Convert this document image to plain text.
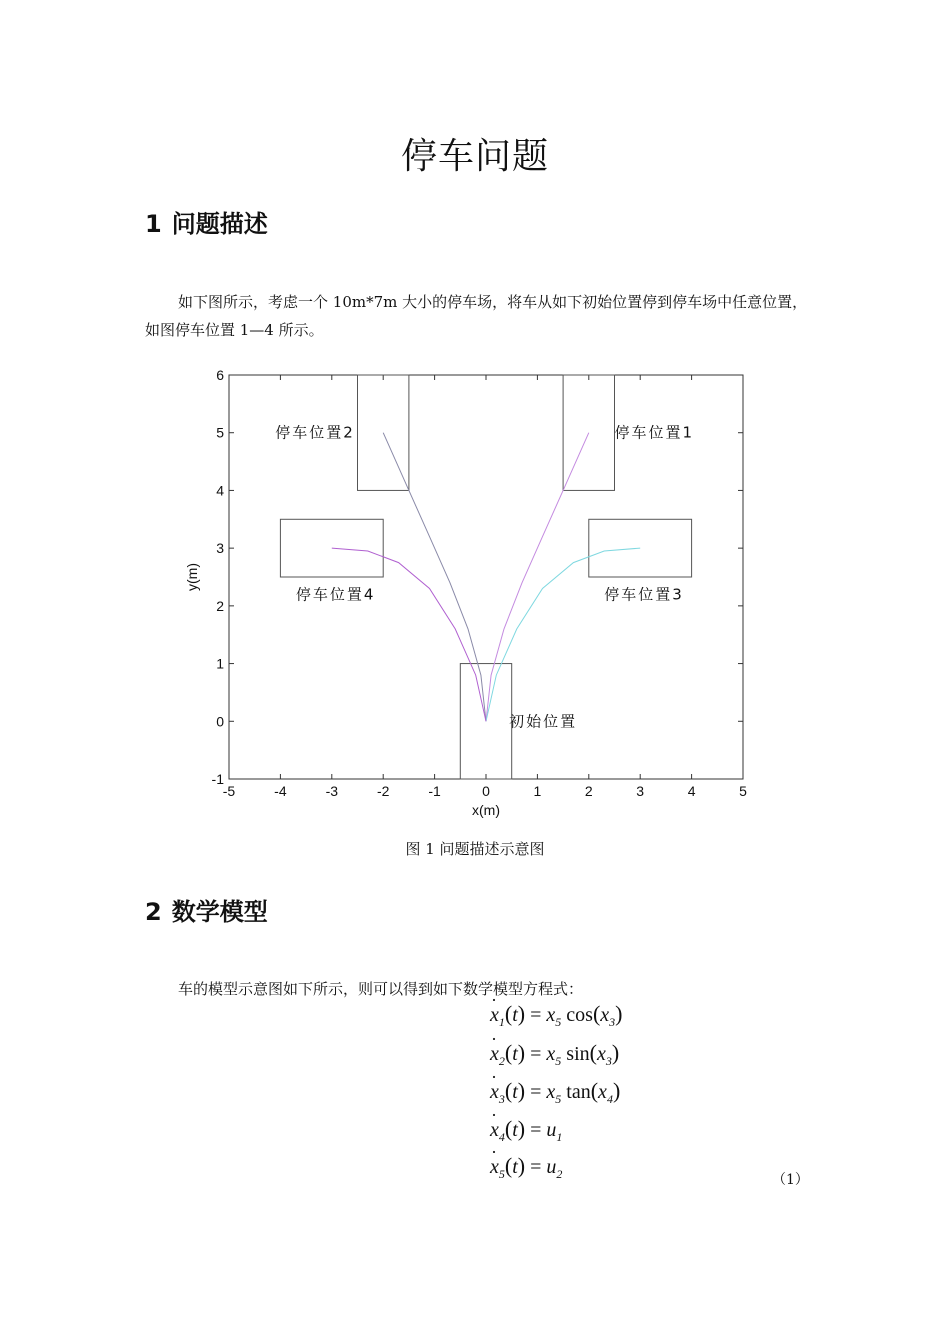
停车问题
1 问题描述
如下图所示，考虑一个 10m*7m 大小的停车场，将车从如下初始位置停到停车场中任意位置，如图停车位置 1—4 所示。
-5	-4	-3	-2	-1	0	1	2	3	4	5
-1
0
1
2
3
4
5
6
x(m)
y(m)
停车位置1
停车位置2
停车位置3
停车位置4
初始位置
图 1 问题描述示意图
2 数学模型
车的模型示意图如下所示，则可以得到如下数学模型方程式：
· $x_1(t) = x_5$ $\cos(x_3)$
· $x_2(t) = x_5$ $\sin(x_3)$
· $x_3(t) = x_5$ $\tan(x_4)$
· $x_4(t) = u_1$
· $x_5(t) = u_2$	（1）
